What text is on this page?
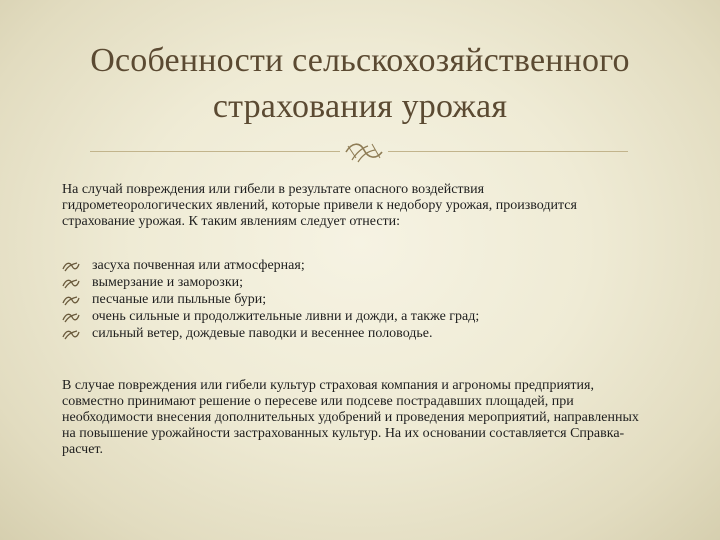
Особенности сельскохозяйственного
страхования урожая
На случай повреждения или гибели в результате опасного воздействия гидрометеорологических явлений, которые привели к недобору урожая, производится страхование урожая. К таким явлениям следует отнести:
засуха почвенная или атмосферная;
вымерзание и заморозки;
песчаные или пыльные бури;
очень сильные и продолжительные ливни и дожди, а также град;
сильный ветер, дождевые паводки и весеннее половодье.
В случае повреждения или гибели культур страховая компания и агрономы предприятия, совместно принимают решение о пересеве или подсеве пострадавших площадей, при необходимости внесения дополнительных удобрений и проведения мероприятий, направленных на повышение урожайности застрахованных культур. На их основании составляется Справка-расчет.
